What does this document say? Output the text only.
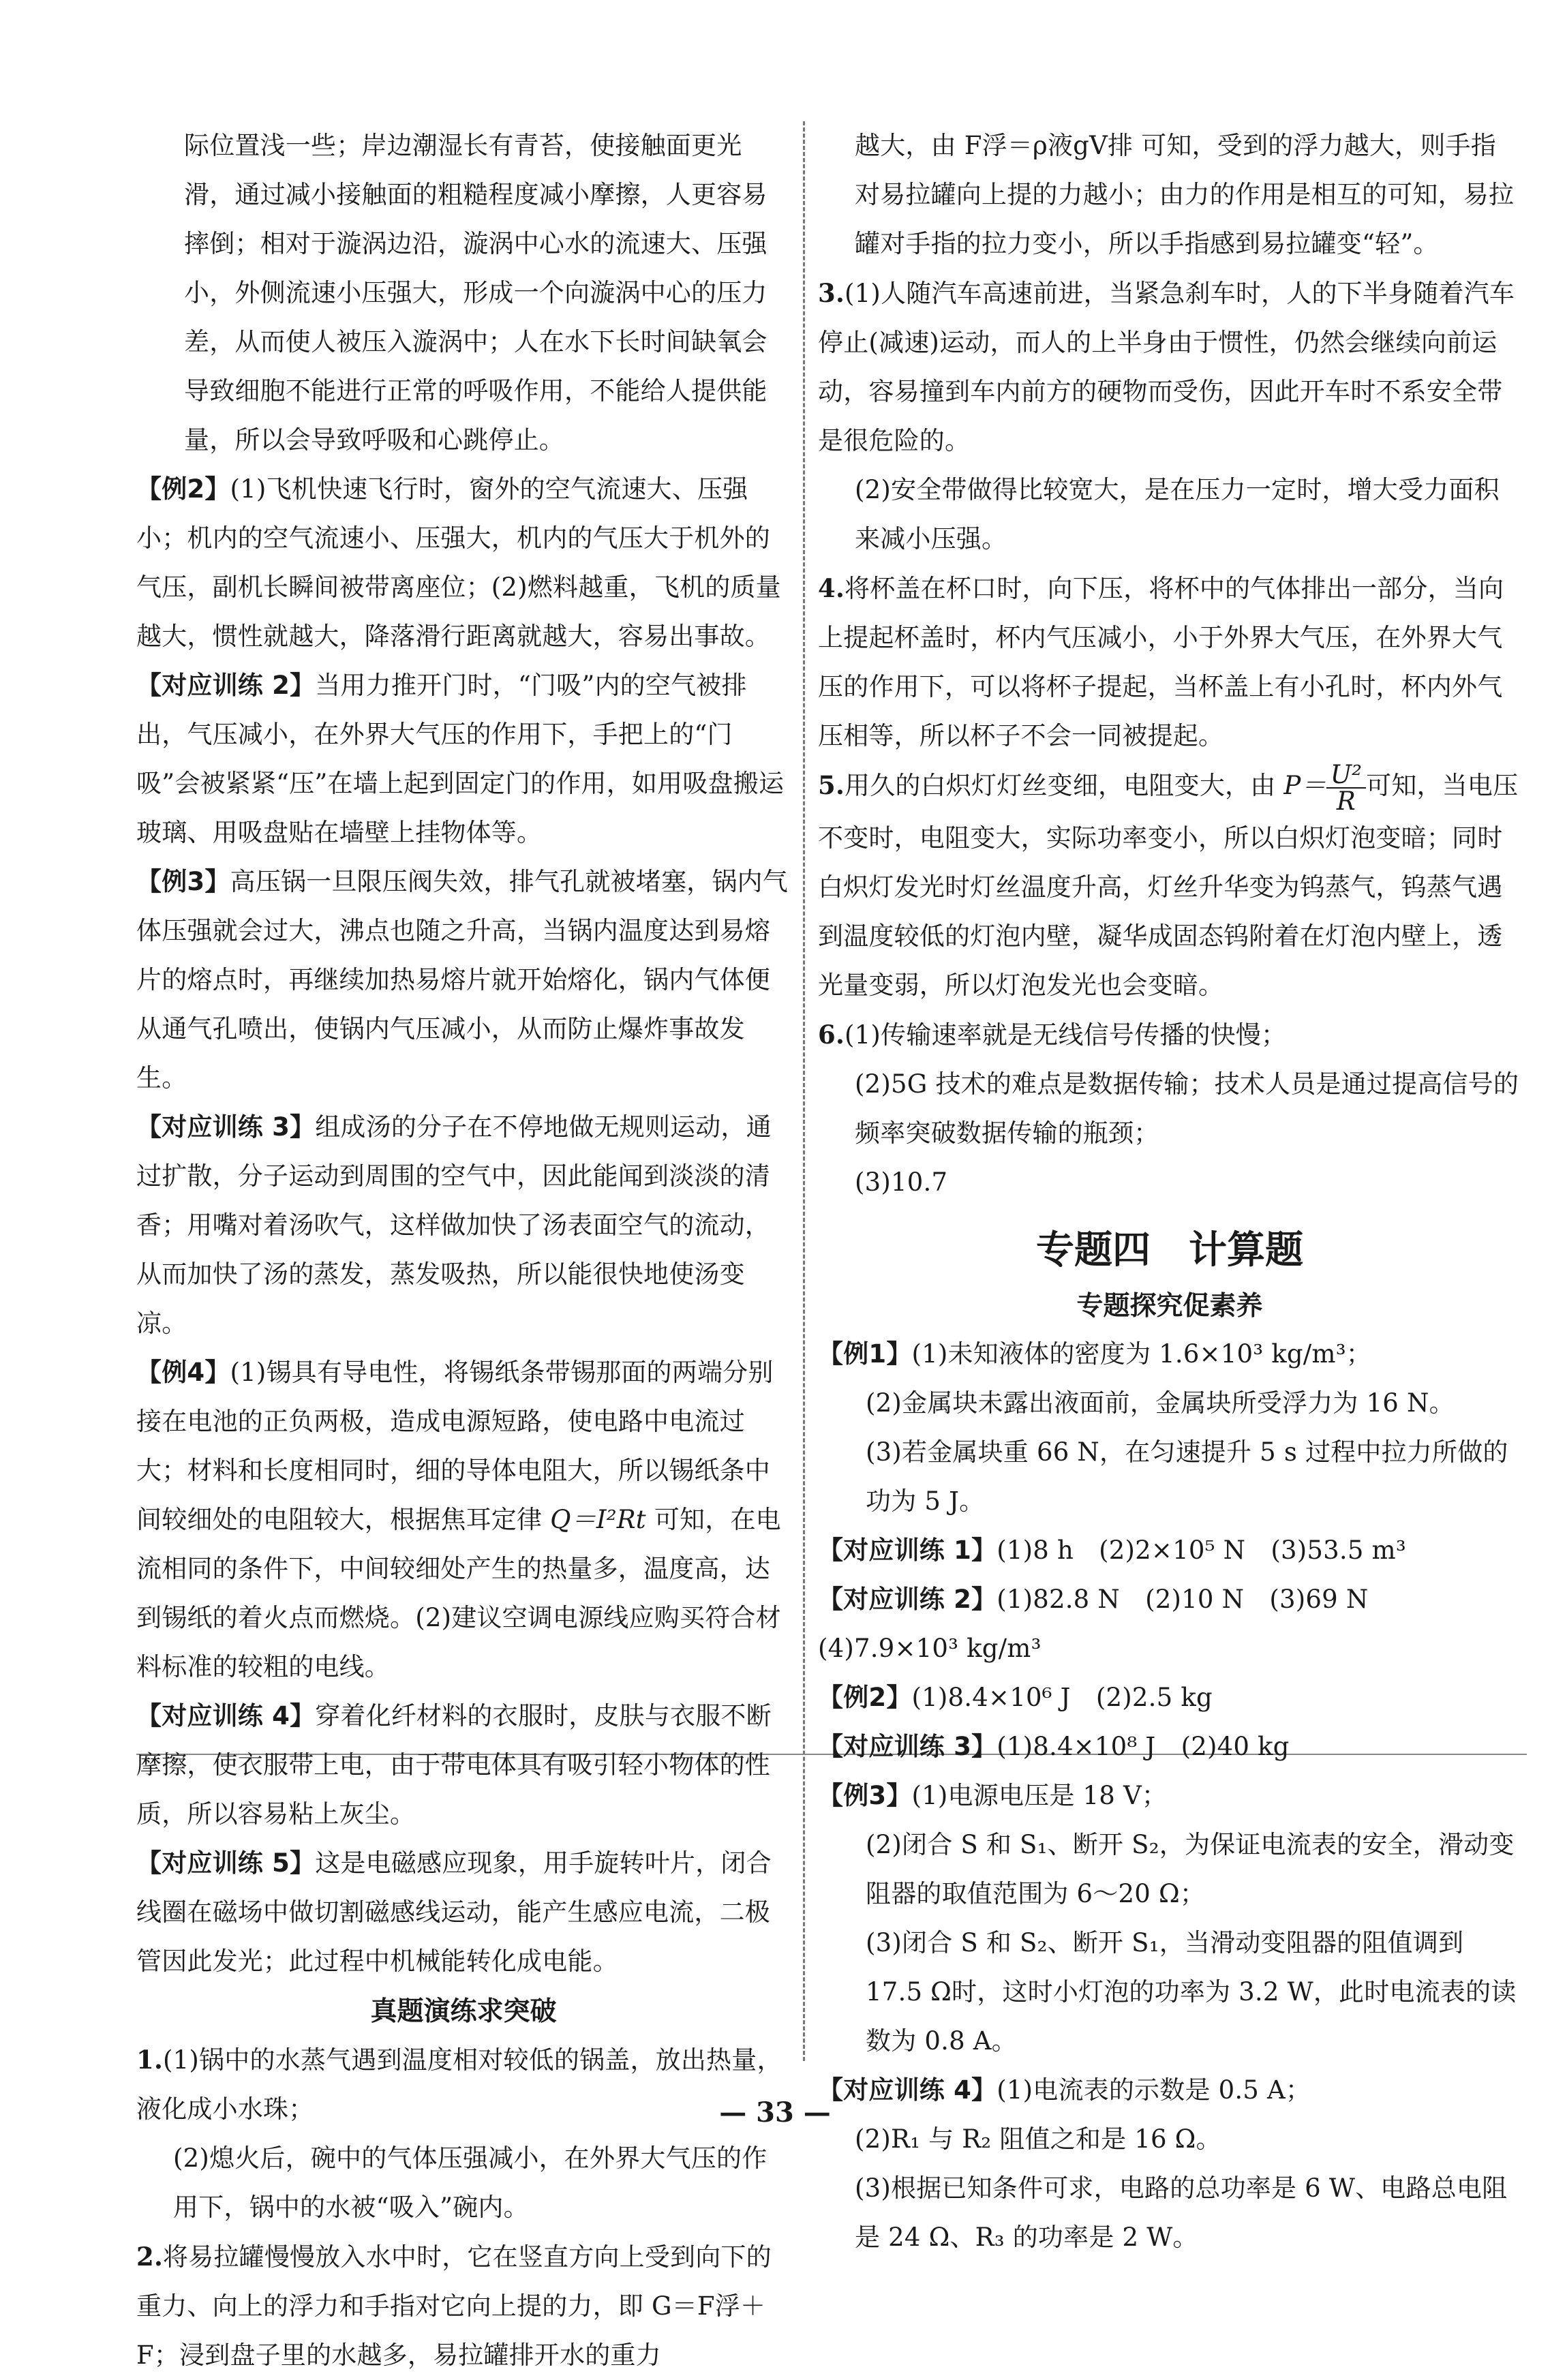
际位置浅一些；岸边潮湿长有青苔，使接触面更光滑，通过减小接触面的粗糙程度减小摩擦，人更容易摔倒；相对于漩涡边沿，漩涡中心水的流速大、压强小，外侧流速小压强大，形成一个向漩涡中心的压力差，从而使人被压入漩涡中；人在水下长时间缺氧会导致细胞不能进行正常的呼吸作用，不能给人提供能量，所以会导致呼吸和心跳停止。

【例2】(1)飞机快速飞行时，窗外的空气流速大、压强小；机内的空气流速小、压强大，机内的气压大于机外的气压，副机长瞬间被带离座位；(2)燃料越重，飞机的质量越大，惯性就越大，降落滑行距离就越大，容易出事故。

【对应训练 2】当用力推开门时，“门吸”内的空气被排出，气压减小，在外界大气压的作用下，手把上的“门吸”会被紧紧“压”在墙上起到固定门的作用，如用吸盘搬运玻璃、用吸盘贴在墙壁上挂物体等。

【例3】高压锅一旦限压阀失效，排气孔就被堵塞，锅内气体压强就会过大，沸点也随之升高，当锅内温度达到易熔片的熔点时，再继续加热易熔片就开始熔化，锅内气体便从通气孔喷出，使锅内气压减小，从而防止爆炸事故发生。

【对应训练 3】组成汤的分子在不停地做无规则运动，通过扩散，分子运动到周围的空气中，因此能闻到淡淡的清香；用嘴对着汤吹气，这样做加快了汤表面空气的流动，从而加快了汤的蒸发，蒸发吸热，所以能很快地使汤变凉。

【例4】(1)锡具有导电性，将锡纸条带锡那面的两端分别接在电池的正负两极，造成电源短路，使电路中电流过大；材料和长度相同时，细的导体电阻大，所以锡纸条中间较细处的电阻较大，根据焦耳定律 Q＝I²Rt 可知，在电流相同的条件下，中间较细处产生的热量多，温度高，达到锡纸的着火点而燃烧。(2)建议空调电源线应购买符合材料标准的较粗的电线。

【对应训练 4】穿着化纤材料的衣服时，皮肤与衣服不断摩擦，使衣服带上电，由于带电体具有吸引轻小物体的性质，所以容易粘上灰尘。

【对应训练 5】这是电磁感应现象，用手旋转叶片，闭合线圈在磁场中做切割磁感线运动，能产生感应电流，二极管因此发光；此过程中机械能转化成电能。

真题演练求突破

1.(1)锅中的水蒸气遇到温度相对较低的锅盖，放出热量，液化成小水珠；

(2)熄火后，碗中的气体压强减小，在外界大气压的作用下，锅中的水被“吸入”碗内。

2.将易拉罐慢慢放入水中时，它在竖直方向上受到向下的重力、向上的浮力和手指对它向上提的力，即 G＝F浮＋F；浸到盘子里的水越多，易拉罐排开水的重力

越大，由 F浮＝ρ液gV排 可知，受到的浮力越大，则手指对易拉罐向上提的力越小；由力的作用是相互的可知，易拉罐对手指的拉力变小，所以手指感到易拉罐变“轻”。

3.(1)人随汽车高速前进，当紧急刹车时，人的下半身随着汽车停止(减速)运动，而人的上半身由于惯性，仍然会继续向前运动，容易撞到车内前方的硬物而受伤，因此开车时不系安全带是很危险的。

(2)安全带做得比较宽大，是在压力一定时，增大受力面积来减小压强。

4.将杯盖在杯口时，向下压，将杯中的气体排出一部分，当向上提起杯盖时，杯内气压减小，小于外界大气压，在外界大气压的作用下，可以将杯子提起，当杯盖上有小孔时，杯内外气压相等，所以杯子不会一同被提起。

5.用久的白炽灯灯丝变细，电阻变大，由 $P= \frac{\text{U²}}{R}$ 可知，当电压不变时，电阻变大，实际功率变小，所以白炽灯泡变暗；同时白炽灯发光时灯丝温度升高，灯丝升华变为钨蒸气，钨蒸气遇到温度较低的灯泡内壁，凝华成固态钨附着在灯泡内壁上，透光量变弱，所以灯泡发光也会变暗。

6.(1)传输速率就是无线信号传播的快慢；

(2)5G 技术的难点是数据传输；技术人员是通过提高信号的频率突破数据传输的瓶颈；

(3)10.7

专题四　计算题
专题探究促素养

【例1】(1)未知液体的密度为 1.6×10³ kg/m³；

(2)金属块未露出液面前，金属块所受浮力为 16 N。

(3)若金属块重 66 N，在匀速提升 5 s 过程中拉力所做的功为 5 J。

【对应训练 1】(1)8 h　(2)2×10⁵ N　(3)53.5 m³

【对应训练 2】(1)82.8 N　(2)10 N　(3)69 N　(4)7.9×10³ kg/m³

【例2】(1)8.4×10⁶ J　(2)2.5 kg

【对应训练 3】(1)8.4×10⁸ J　(2)40 kg

【例3】(1)电源电压是 18 V；

(2)闭合 S 和 S₁、断开 S₂，为保证电流表的安全，滑动变阻器的取值范围为 6～20 Ω；

(3)闭合 S 和 S₂、断开 S₁，当滑动变阻器的阻值调到 17.5 Ω时，这时小灯泡的功率为 3.2 W，此时电流表的读数为 0.8 A。

【对应训练 4】(1)电流表的示数是 0.5 A；

(2)R₁ 与 R₂ 阻值之和是 16 Ω。

(3)根据已知条件可求，电路的总功率是 6 W、电路总电阻是 24 Ω、R₃ 的功率是 2 W。

— 33 —
